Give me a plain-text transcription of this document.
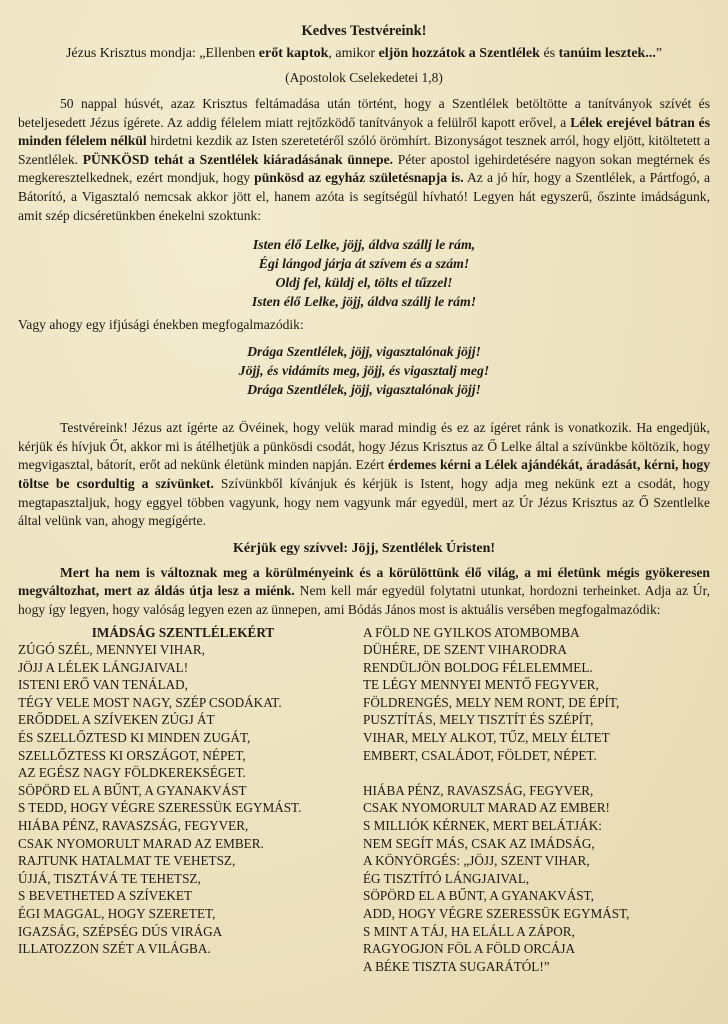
Kedves Testvéreink!
Jézus Krisztus mondja: „Ellenben erőt kaptok, amikor eljön hozzátok a Szentlélek és tanúim lesztek...”
(Apostolok Cselekedetei 1,8)
50 nappal húsvét, azaz Krisztus feltámadása után történt, hogy a Szentlélek betöltötte a tanítványok szívét és beteljesedett Jézus ígérete. Az addig félelem miatt rejtőzködő tanítványok a felülről kapott erővel, a Lélek erejével bátran és minden félelem nélkül hirdetni kezdik az Isten szeretetéről szóló örömhírt. Bizonyságot tesznek arról, hogy eljött, kitöltetett a Szentlélek. PÜNKÖSD tehát a Szentlélek kiáradásának ünnepe. Péter apostol igehirdetésére nagyon sokan megtérnek és megkeresztelkednek, ezért mondjuk, hogy pünkösd az egyház születésnapja is. Az a jó hír, hogy a Szentlélek, a Pártfogó, a Bátorító, a Vigasztaló nemcsak akkor jött el, hanem azóta is segítségül hívható! Legyen hát egyszerű, őszinte imádságunk, amit szép dicséretünkben énekelni szoktunk:
Isten élő Lelke, jöjj, áldva szállj le rám,
Égi lángod járja át szívem és a szám!
Oldj fel, küldj el, tölts el tűzzel!
Isten élő Lelke, jöjj, áldva szállj le rám!
Vagy ahogy egy ifjúsági énekben megfogalmazódik:
Drága Szentlélek, jöjj, vigasztalónak jöjj!
Jöjj, és vidámíts meg, jöjj, és vigasztalj meg!
Drága Szentlélek, jöjj, vigasztalónak jöjj!
Testvéreink! Jézus azt ígérte az Övéinek, hogy velük marad mindig és ez az ígéret ránk is vonatkozik. Ha engedjük, kérjük és hívjuk Őt, akkor mi is átélhetjük a pünkösdi csodát, hogy Jézus Krisztus az Ő Lelke által a szívünkbe költözik, hogy megvigasztal, bátorít, erőt ad nekünk életünk minden napján. Ezért érdemes kérni a Lélek ajándékát, áradását, kérni, hogy töltse be csordultig a szívünket. Szívünkből kívánjuk és kérjük is Istent, hogy adja meg nekünk ezt a csodát, hogy megtapasztaljuk, hogy eggyel többen vagyunk, hogy nem vagyunk már egyedül, mert az Úr Jézus Krisztus az Ő Szentlelke által velünk van, ahogy megígérte.
Kérjük egy szívvel: Jöjj, Szentlélek Úristen!
Mert ha nem is változnak meg a körülményeink és a körülöttünk élő világ, a mi életünk mégis gyökeresen megváltozhat, mert az áldás útja lesz a miénk. Nem kell már egyedül folytatni utunkat, hordozni terheinket. Adja az Úr, hogy így legyen, hogy valóság legyen ezen az ünnepen, ami Bódás János most is aktuális versében megfogalmazódik:
IMÁDSÁG SZENTLÉLEKÉRT
ZÚGÓ SZÉL, MENNYEI VIHAR,
JÖJJ A LÉLEK LÁNGJAIVAL!
ISTENI ERŐ VAN TENÁLAD,
TÉGY VELE MOST NAGY, SZÉP CSODÁKAT.
ERŐDDEL A SZÍVEKEN ZÚGJ ÁT
ÉS SZELLŐZTESD KI MINDEN ZUGÁT,
SZELLŐZTESS KI ORSZÁGOT, NÉPET,
AZ EGÉSZ NAGY FÖLDKEREKSÉGET.
SÖPÖRD EL A BŰNT, A GYANAKVÁST
S TEDD, HOGY VÉGRE SZERESSÜK EGYMÁST.
HIÁBA PÉNZ, RAVASZSÁG, FEGYVER,
CSAK NYOMORULT MARAD AZ EMBER.
RAJTUNK HATALMAT TE VEHETSZ,
ÚJJÁ, TISZTÁVÁ TE TEHETSZ,
S BEVETHETED A SZÍVEKET
ÉGI MAGGAL, HOGY SZERETET,
IGAZSÁG, SZÉPSÉG DÚS VIRÁGA
ILLATOZZON SZÉT A VILÁGBA.
A FÖLD NE GYILKOS ATOMBOMBA
DÜHÉRE, DE SZENT VIHARODRA
RENDÜLJÖN BOLDOG FÉLELEMMEL.
TE LÉGY MENNYEI MENTŐ FEGYVER,
FÖLDRENGÉS, MELY NEM RONT, DE ÉPÍT,
PUSZTÍTÁS, MELY TISZTÍT ÉS SZÉPÍT,
VIHAR, MELY ALKOT, TŰZ, MELY ÉLTET
EMBERT, CSALÁDOT, FÖLDET, NÉPET.
HIÁBA PÉNZ, RAVASZSÁG, FEGYVER,
CSAK NYOMORULT MARAD AZ EMBER!
S MILLIÓK KÉRNEK, MERT BELÁTJÁK:
NEM SEGÍT MÁS, CSAK AZ IMÁDSÁG,
A KÖNYÖRGÉS: „JÖJJ, SZENT VIHAR,
ÉG TISZTÍTÓ LÁNGJAIVAL,
SÖPÖRD EL A BŰNT, A GYANAKVÁST,
ADD, HOGY VÉGRE SZERESSÜK EGYMÁST,
S MINT A TÁJ, HA ELÁLL A ZÁPOR,
RAGYOGJON FÖL A FÖLD ORCÁJA
A BÉKE TISZTA SUGARÁTÓL!”
